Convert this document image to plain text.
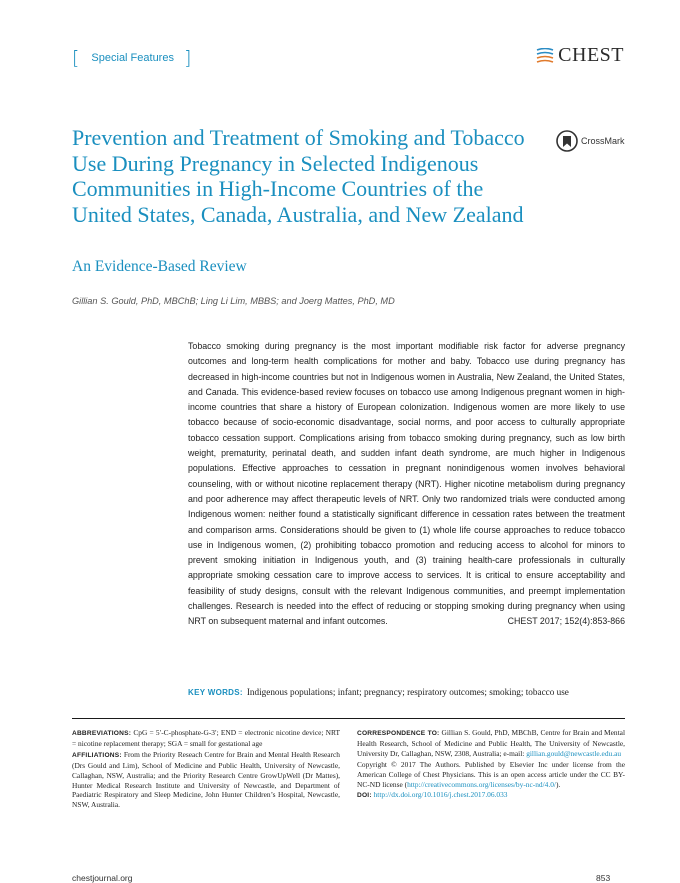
[ Special Features ]	CHEST
Prevention and Treatment of Smoking and Tobacco Use During Pregnancy in Selected Indigenous Communities in High-Income Countries of the United States, Canada, Australia, and New Zealand
An Evidence-Based Review
CrossMark
Gillian S. Gould, PhD, MBChB; Ling Li Lim, MBBS; and Joerg Mattes, PhD, MD

Tobacco smoking during pregnancy is the most important modifiable risk factor for adverse pregnancy outcomes and long-term health complications for mother and baby. Tobacco use during pregnancy has decreased in high-income countries but not in Indigenous women in Australia, New Zealand, the United States, and Canada. This evidence-based review focuses on tobacco use among Indigenous pregnant women in high-income countries that share a history of European colonization. Indigenous women are more likely to use tobacco because of socio-economic disadvantage, social norms, and poor access to culturally appropriate tobacco cessation support. Complications arising from tobacco smoking during pregnancy, such as low birth weight, prematurity, perinatal death, and sudden infant death syndrome, are much higher in Indigenous populations. Effective approaches to cessation in pregnant nonindigenous women involves behavioral counseling, with or without nicotine replacement therapy (NRT). Higher nicotine metabolism during pregnancy and poor adherence may affect therapeutic levels of NRT. Only two randomized trials were conducted among Indigenous women: neither found a statistically significant difference in cessation rates between the treatment and comparison arms. Considerations should be given to (1) whole life course approaches to reduce tobacco use in Indigenous women, (2) prohibiting tobacco promotion and reducing access to alcohol for minors to prevent smoking initiation in Indigenous youth, and (3) training health-care professionals in culturally appropriate smoking cessation care to improve access to services. It is critical to ensure acceptability and feasibility of study designs, consult with the relevant Indigenous communities, and preempt implementation challenges. Research is needed into the effect of reducing or stopping smoking during pregnancy when using NRT on subsequent maternal and infant outcomes.	CHEST 2017; 152(4):853-866

KEY WORDS: Indigenous populations; infant; pregnancy; respiratory outcomes; smoking; tobacco use

ABBREVIATIONS: CpG = 5′-C-phosphate-G-3′; END = electronic nicotine device; NRT = nicotine replacement therapy; SGA = small for gestational age

AFFILIATIONS: From the Priority Reseach Centre for Brain and Mental Health Research (Drs Gould and Lim), School of Medicine and Public Health, University of Newcastle, Callaghan, NSW, Australia; and the Priority Research Centre GrowUpWell (Dr Mattes), Hunter Medical Research Institute and University of Newcastle, and Department of Paediatric Respiratory and Sleep Medicine, John Hunter Children’s Hospital, Newcastle, NSW, Australia.

CORRESPONDENCE TO: Gillian S. Gould, PhD, MBChB, Centre for Brain and Mental Health Research, School of Medicine and Public Health, The University of Newcastle, University Dr, Callaghan, NSW, 2308, Australia; e-mail: gillian.gould@newcastle.edu.au

Copyright © 2017 The Authors. Published by Elsevier Inc under license from the American College of Chest Physicians. This is an open access article under the CC BY-NC-ND license (http://creativecommons.org/licenses/by-nc-nd/4.0/).

DOI: http://dx.doi.org/10.1016/j.chest.2017.06.033

chestjournal.org	853
